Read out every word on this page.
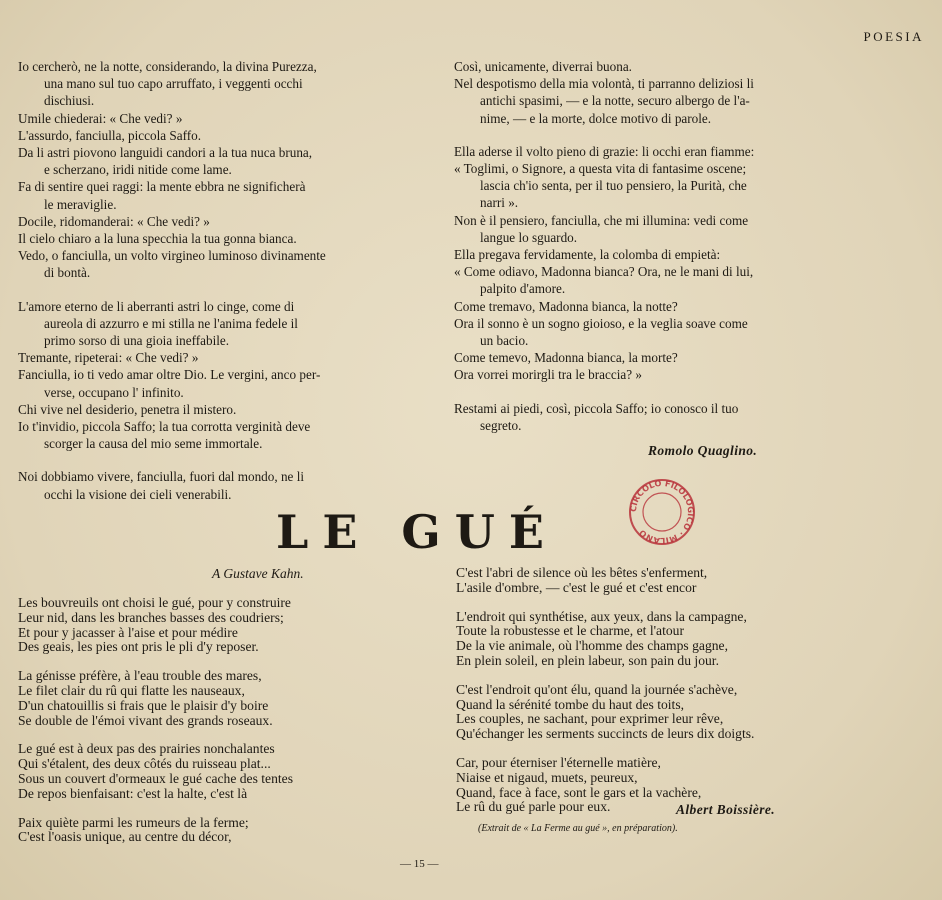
POESIA
Io cercherò, ne la notte, considerando, la divina Purezza,
una mano sul tuo capo arruffato, i veggenti occhi
dischiusi.
Umile chiederai: « Che vedi? »
L'assurdo, fanciulla, piccola Saffo.
Da li astri piovono languidi candori a la tua nuca bruna,
e scherzano, iridi nitide come lame.
Fa di sentire quei raggi: la mente ebbra ne significherà
le meraviglie.
Docile, ridomanderai: « Che vedi? »
Il cielo chiaro a la luna specchia la tua gonna bianca.
Vedo, o fanciulla, un volto virgineo luminoso divinamente
di bontà.
L'amore eterno de li aberranti astri lo cinge, come di
aureola di azzurro e mi stilla ne l'anima fedele il
primo sorso di una gioia ineffabile.
Tremante, ripeterai: « Che vedi? »
Fanciulla, io ti vedo amar oltre Dio. Le vergini, anco per-
verse, occupano l' infinito.
Chi vive nel desiderio, penetra il mistero.
Io t'invidio, piccola Saffo; la tua corrotta verginità deve
scorger la causa del mio seme immortale.
Noi dobbiamo vivere, fanciulla, fuori dal mondo, ne li
occhi la visione dei cieli venerabili.
Così, unicamente, diverrai buona.
Nel despotismo della mia volontà, ti parranno deliziosi li
antichi spasimi, — e la notte, securo albergo de l'a-
nime, — e la morte, dolce motivo di parole.
Ella aderse il volto pieno di grazie: li occhi eran fiamme:
« Toglimi, o Signore, a questa vita di fantasime oscene;
lascia ch'io senta, per il tuo pensiero, la Purità, che
narri ».
Non è il pensiero, fanciulla, che mi illumina: vedi come
langue lo sguardo.
Ella pregava fervidamente, la colomba di empietà:
« Come odiavo, Madonna bianca? Ora, ne le mani di lui,
palpito d'amore.
Come tremavo, Madonna bianca, la notte?
Ora il sonno è un sogno gioioso, e la veglia soave come
un bacio.
Come temevo, Madonna bianca, la morte?
Ora vorrei morirgli tra le braccia? »
Restami ai piedi, così, piccola Saffo; io conosco il tuo
segreto.
Romolo Quaglino.
CIRCOLO FILOLOGICO · MILANO
LE GUÉ
A Gustave Kahn.
Les bouvreuils ont choisi le gué, pour y construire
Leur nid, dans les branches basses des coudriers;
Et pour y jacasser à l'aise et pour médire
Des geais, les pies ont pris le pli d'y reposer.
La génisse préfère, à l'eau trouble des mares,
Le filet clair du rû qui flatte les nauseaux,
D'un chatouillis si frais que le plaisir d'y boire
Se double de l'émoi vivant des grands roseaux.
Le gué est à deux pas des prairies nonchalantes
Qui s'étalent, des deux côtés du ruisseau plat...
Sous un couvert d'ormeaux le gué cache des tentes
De repos bienfaisant: c'est la halte, c'est là
Paix quiète parmi les rumeurs de la ferme;
C'est l'oasis unique, au centre du décor,
C'est l'abri de silence où les bêtes s'enferment,
L'asile d'ombre, — c'est le gué et c'est encor
L'endroit qui synthétise, aux yeux, dans la campagne,
Toute la robustesse et le charme, et l'atour
De la vie animale, où l'homme des champs gagne,
En plein soleil, en plein labeur, son pain du jour.
C'est l'endroit qu'ont élu, quand la journée s'achève,
Quand la sérénité tombe du haut des toits,
Les couples, ne sachant, pour exprimer leur rêve,
Qu'échanger les serments succincts de leurs dix doigts.
Car, pour éterniser l'éternelle matière,
Niaise et nigaud, muets, peureux,
Quand, face à face, sont le gars et la vachère,
Le rû du gué parle pour eux.	Albert Boissière.
(Extrait de « La Ferme au gué », en préparation).
— 15 —
